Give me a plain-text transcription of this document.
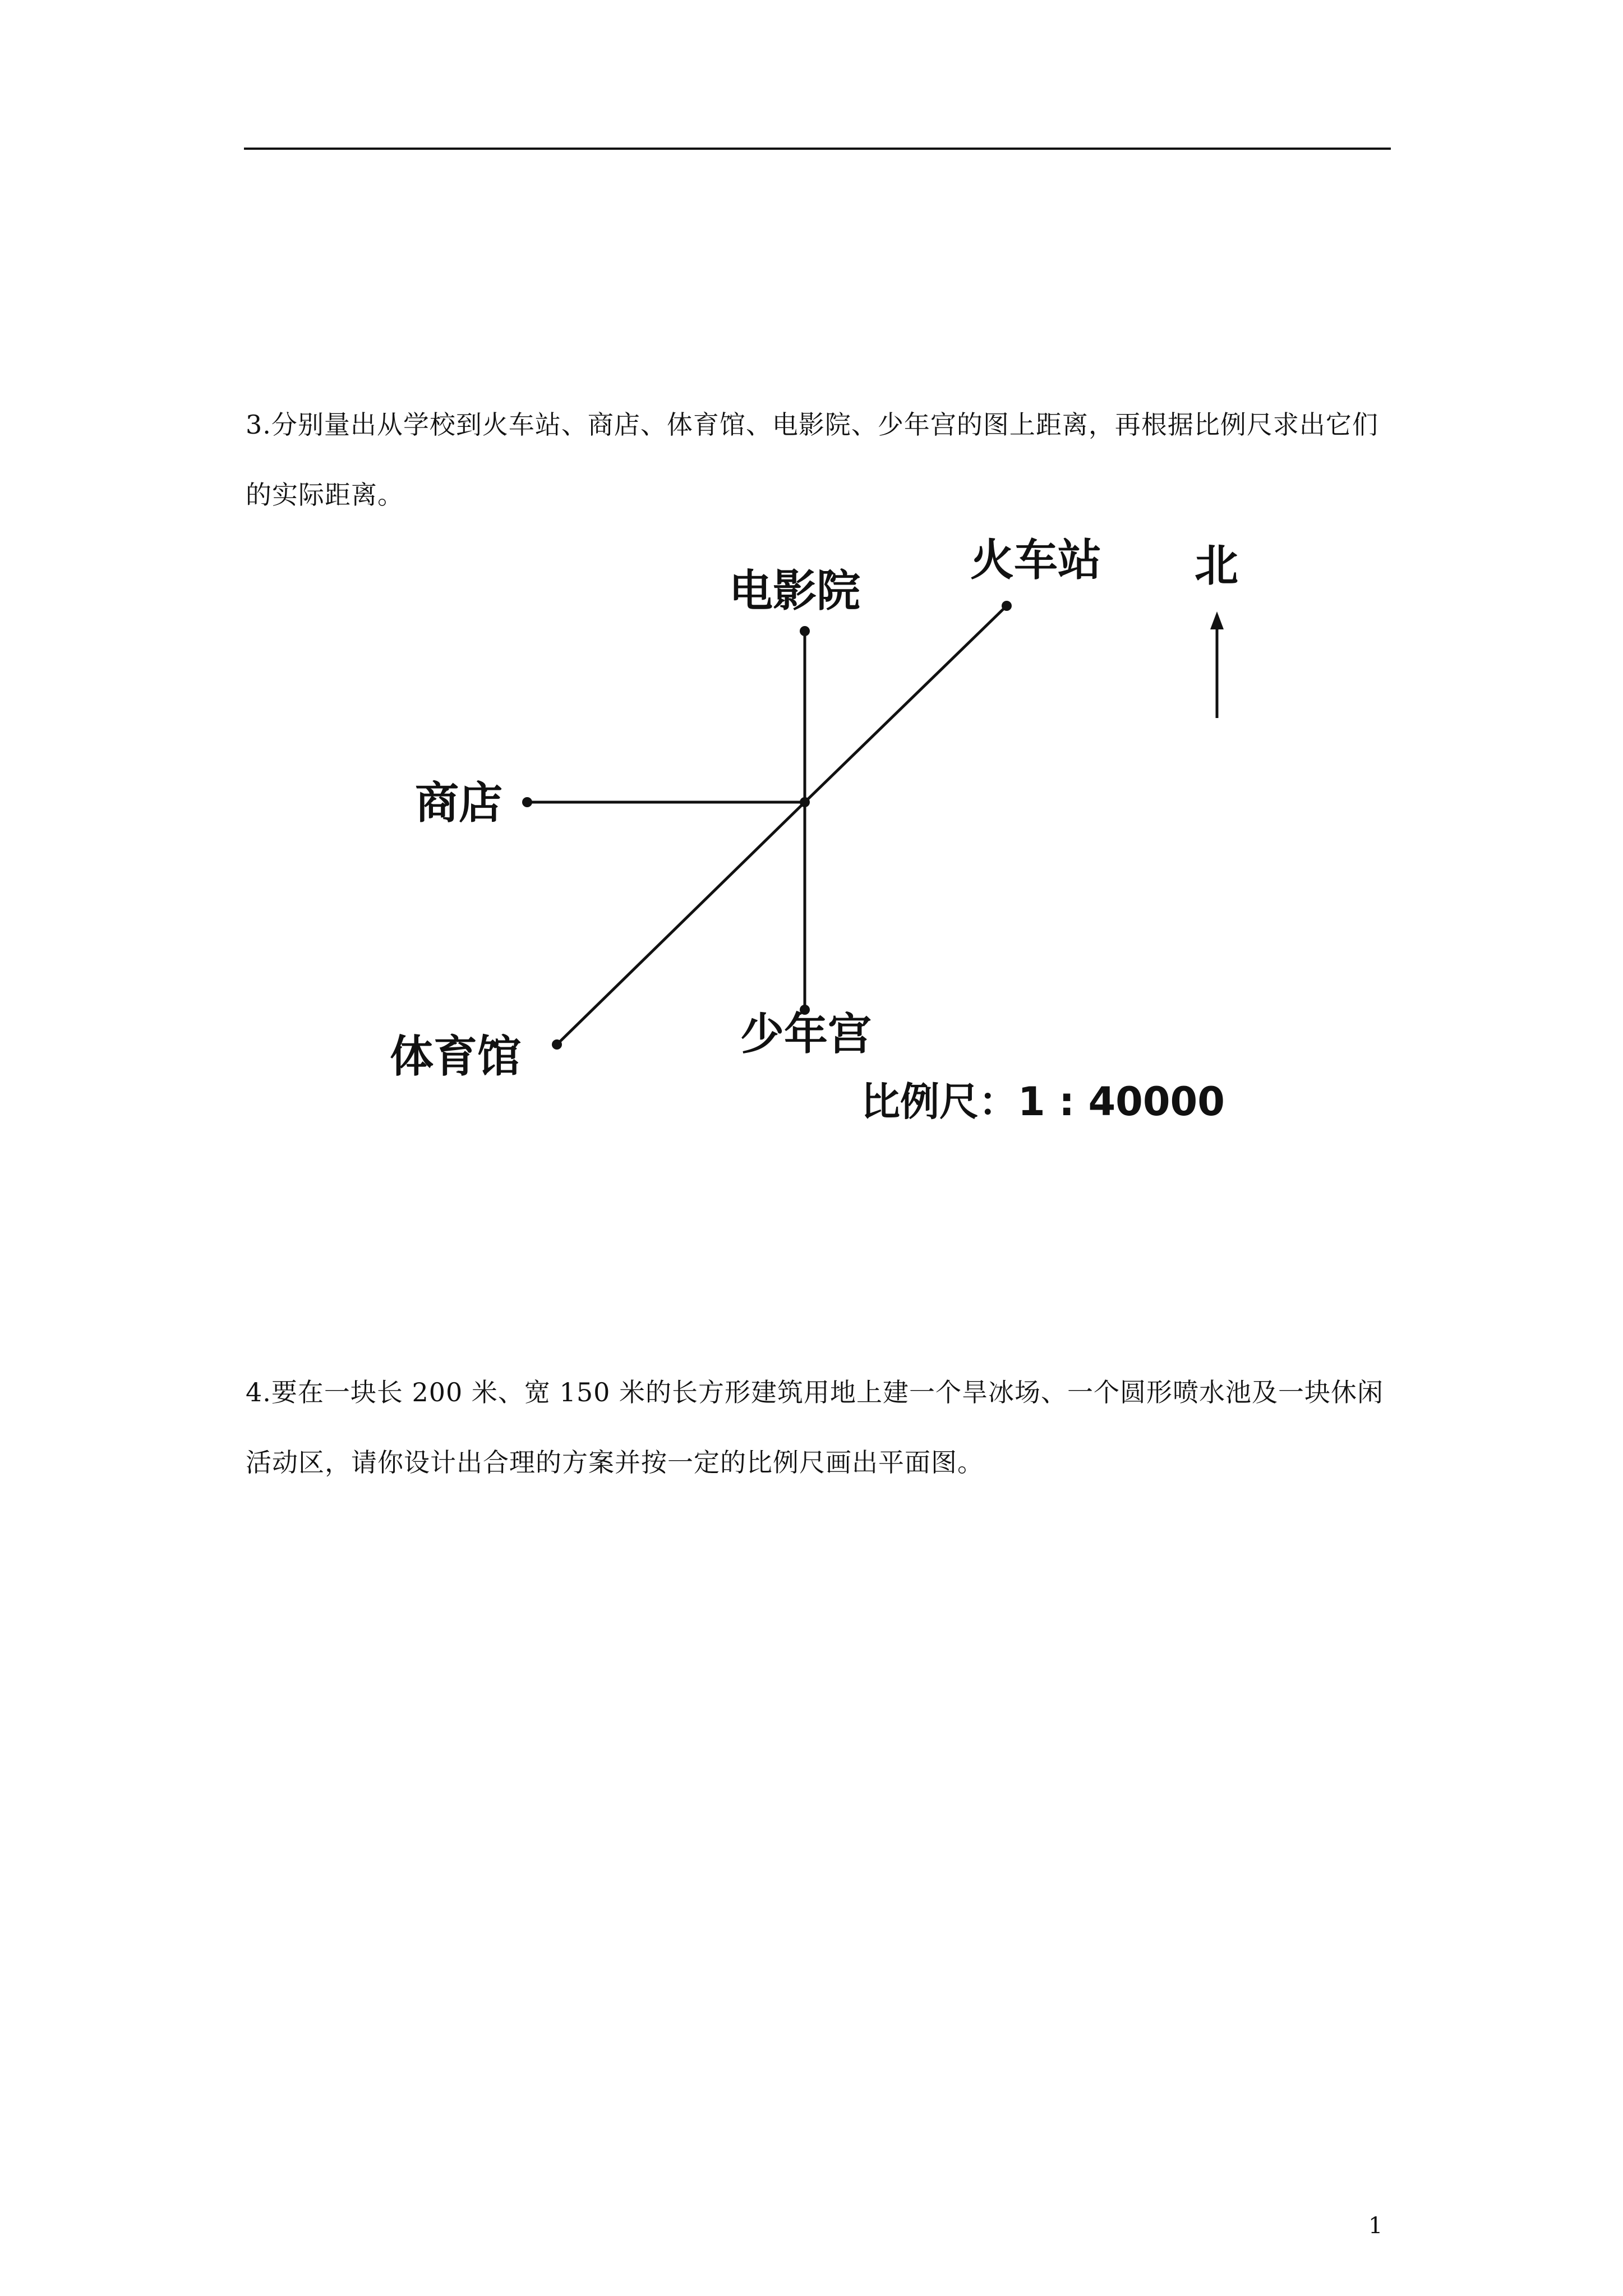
3.分别量出从学校到火车站、商店、体育馆、电影院、少年宫的图上距离，再根据比例尺求出它们的实际距离。

电影院
火车站
商店
体育馆	少年宫
北
比例尺：1 : 40000

4.要在一块长 200 米、宽 150 米的长方形建筑用地上建一个旱冰场、一个圆形喷水池及一块休闲活动区，请你设计出合理的方案并按一定的比例尺画出平面图。

1
